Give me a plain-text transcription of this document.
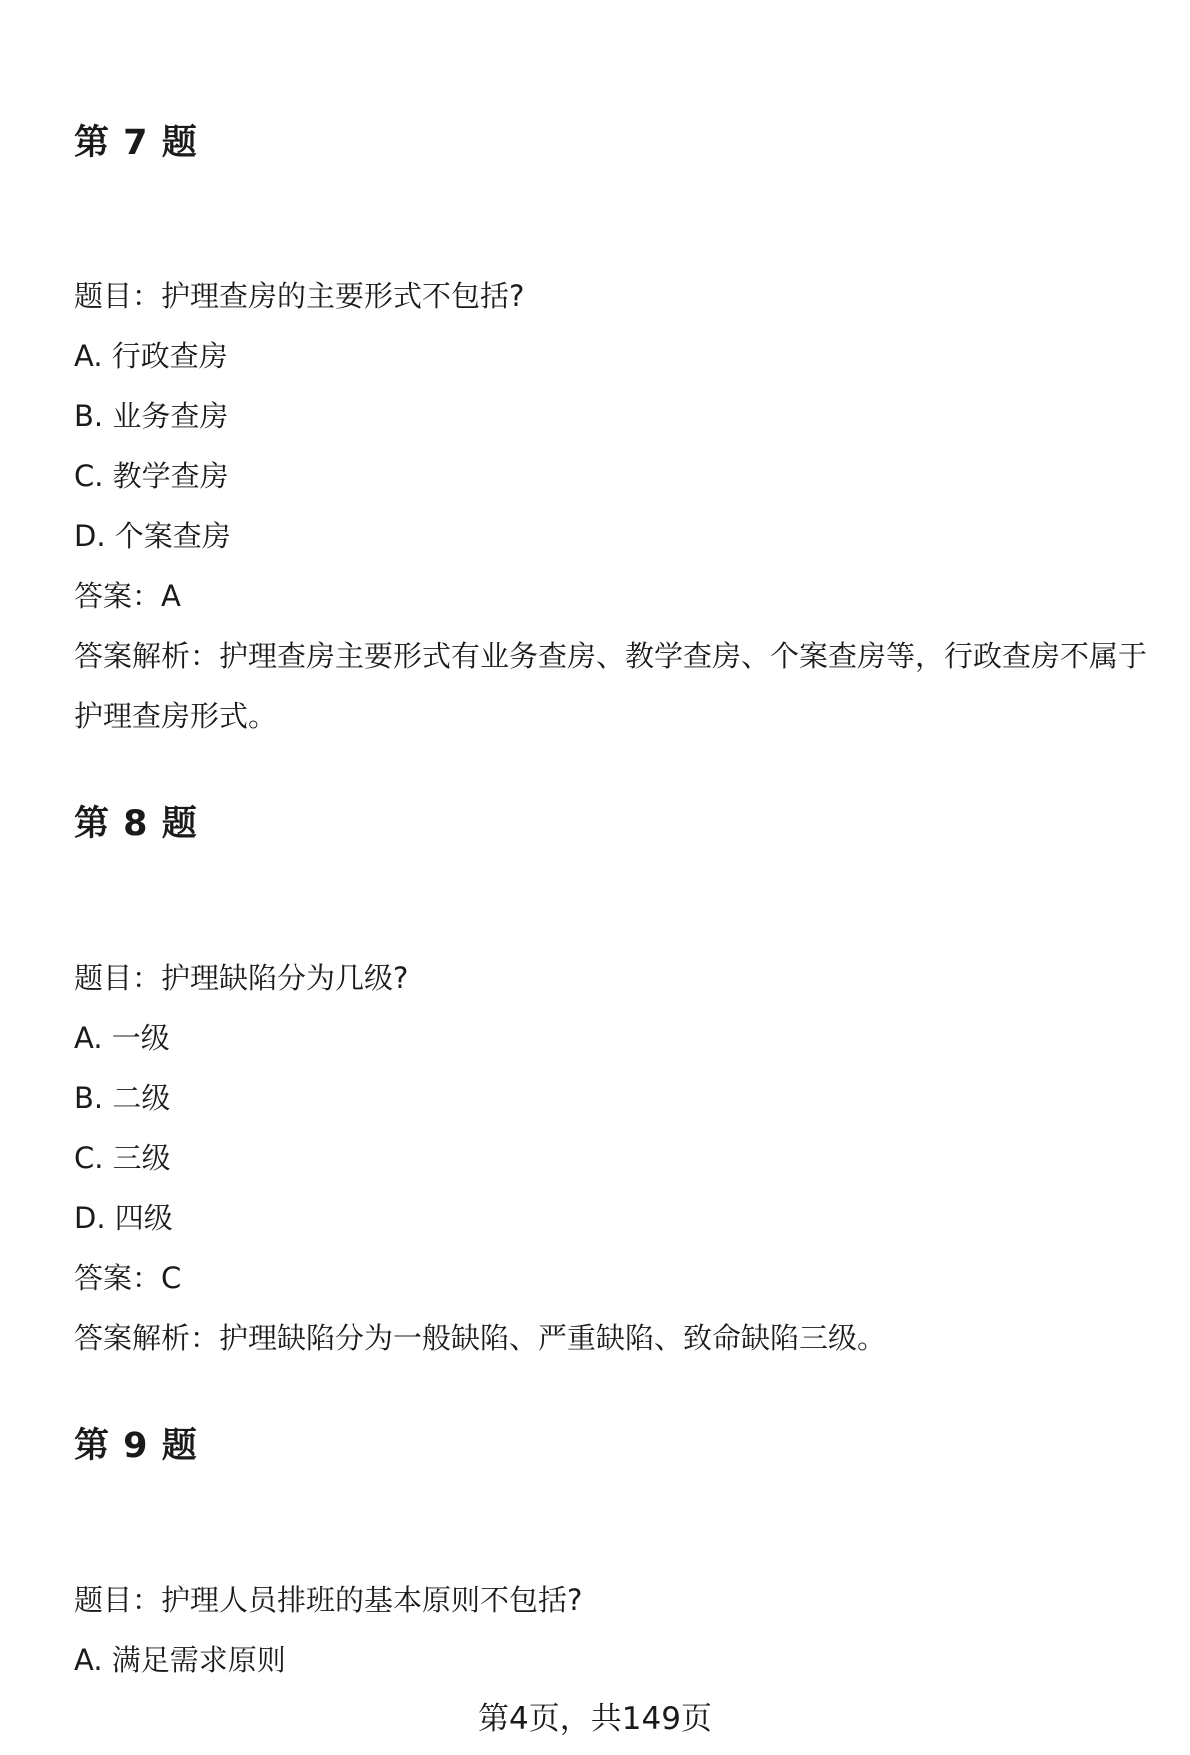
第 7 题
题目：护理查房的主要形式不包括?
A. 行政查房
B. 业务查房
C. 教学查房
D. 个案查房
答案：A
答案解析：护理查房主要形式有业务查房、教学查房、个案查房等，行政查房不属于护理查房形式。
第 8 题
题目：护理缺陷分为几级?
A. 一级
B. 二级
C. 三级
D. 四级
答案：C
答案解析：护理缺陷分为一般缺陷、严重缺陷、致命缺陷三级。
第 9 题
题目：护理人员排班的基本原则不包括?
A. 满足需求原则
第4页，共149页
